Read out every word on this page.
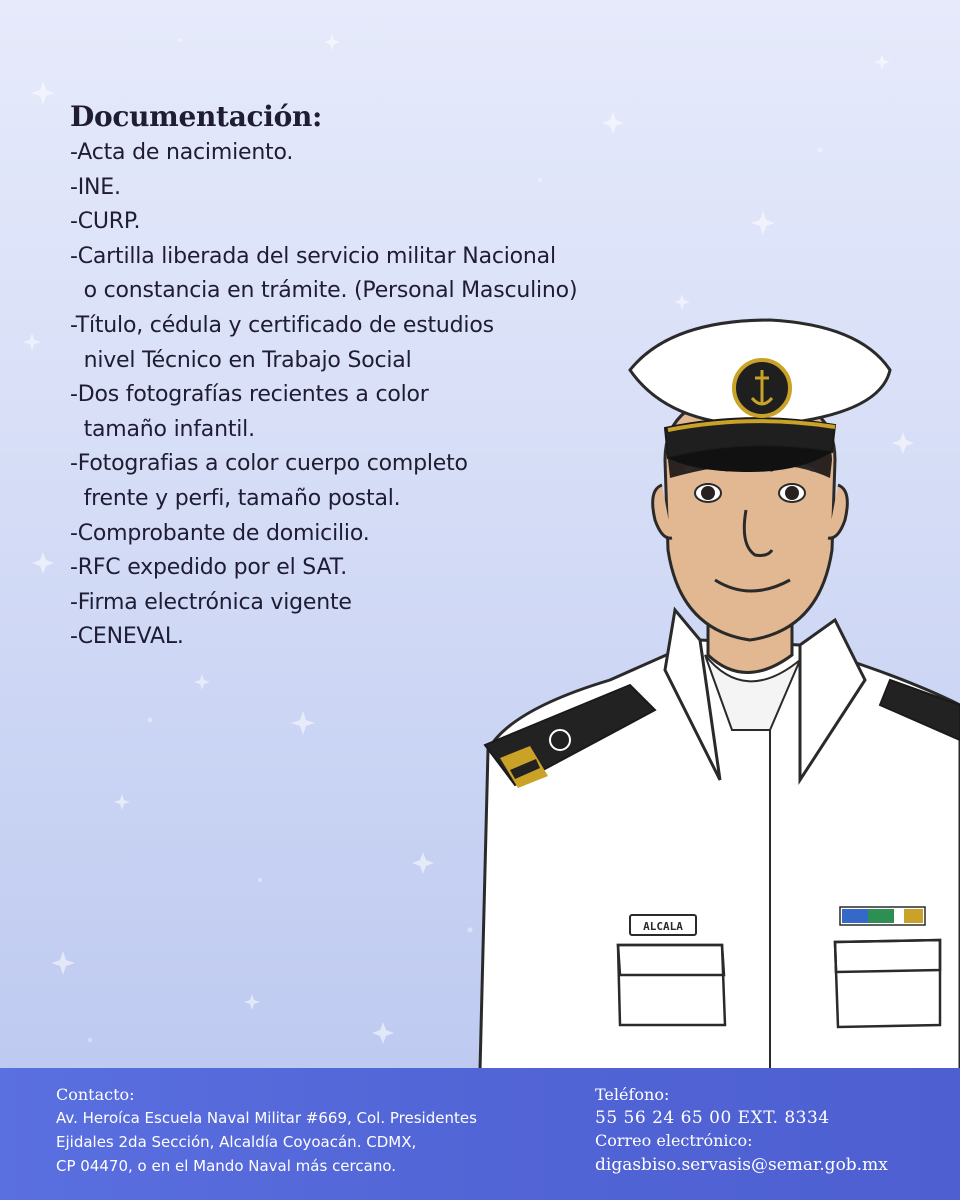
Documentación:
-Acta de nacimiento.
-INE.
-CURP.
-Cartilla liberada del servicio militar Nacional
o constancia en trámite. (Personal Masculino)
-Título, cédula y certificado de estudios
nivel Técnico en Trabajo Social
-Dos fotografías recientes a color
tamaño infantil.
-Fotografias a color cuerpo completo
frente y perfi, tamaño postal.
-Comprobante de domicilio.
-RFC expedido por el SAT.
-Firma electrónica vigente
-CENEVAL.
ALCALA
Contacto:
Av. Heroíca Escuela Naval Militar #669, Col. Presidentes
Ejidales 2da Sección, Alcaldía Coyoacán. CDMX,
CP 04470, o en el Mando Naval más cercano.
Teléfono:
55 56 24 65 00 EXT. 8334
Correo electrónico:
digasbiso.servasis@semar.gob.mx
